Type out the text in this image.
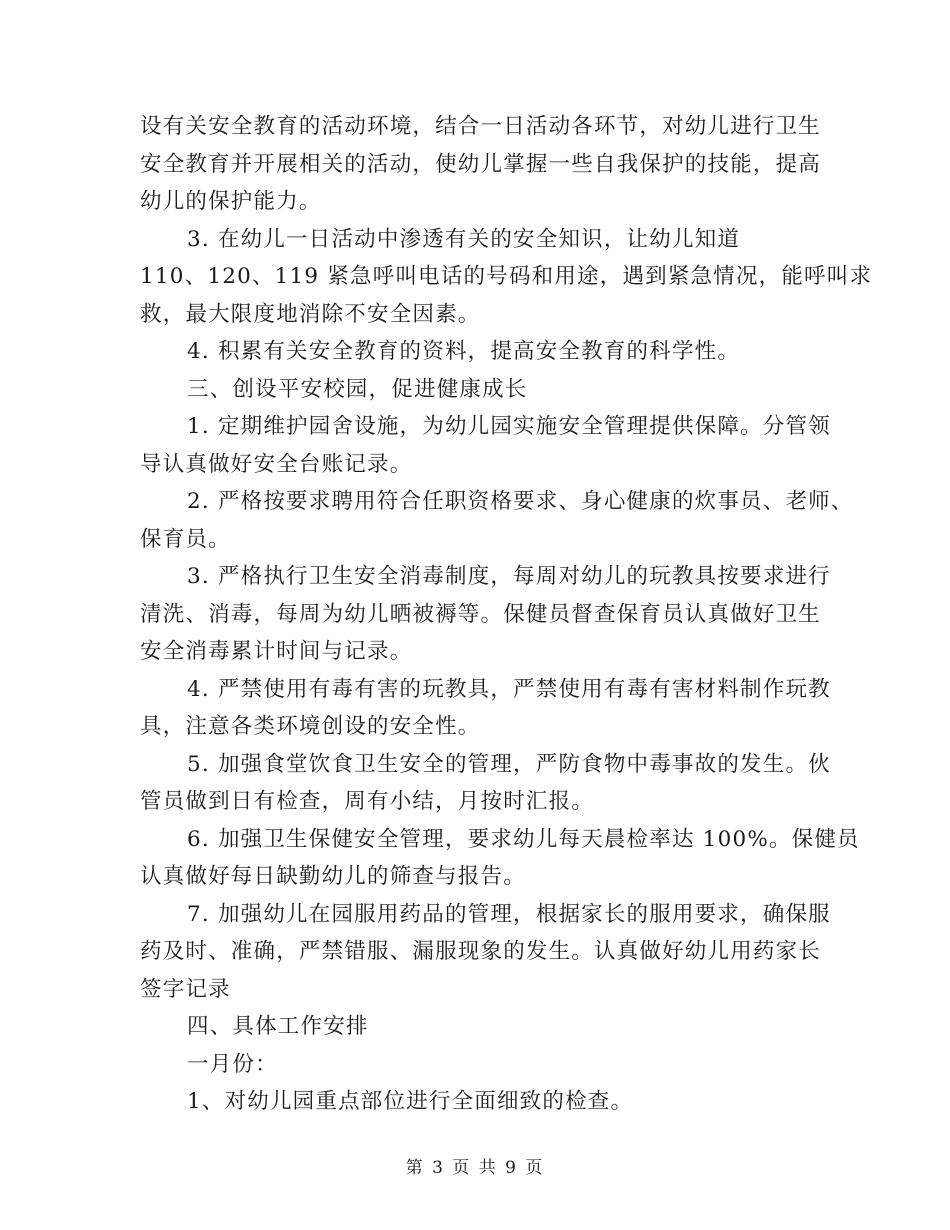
设有关安全教育的活动环境，结合一日活动各环节，对幼儿进行卫生
安全教育并开展相关的活动，使幼儿掌握一些自我保护的技能，提高
幼儿的保护能力。
3. 在幼儿一日活动中渗透有关的安全知识，让幼儿知道
110、120、119 紧急呼叫电话的号码和用途，遇到紧急情况，能呼叫求
救，最大限度地消除不安全因素。
4. 积累有关安全教育的资料，提高安全教育的科学性。
三、创设平安校园，促进健康成长
1. 定期维护园舍设施，为幼儿园实施安全管理提供保障。分管领
导认真做好安全台账记录。
2. 严格按要求聘用符合任职资格要求、身心健康的炊事员、老师、
保育员。
3. 严格执行卫生安全消毒制度，每周对幼儿的玩教具按要求进行
清洗、消毒，每周为幼儿晒被褥等。保健员督查保育员认真做好卫生
安全消毒累计时间与记录。
4. 严禁使用有毒有害的玩教具，严禁使用有毒有害材料制作玩教
具，注意各类环境创设的安全性。
5. 加强食堂饮食卫生安全的管理，严防食物中毒事故的发生。伙
管员做到日有检查，周有小结，月按时汇报。
6. 加强卫生保健安全管理，要求幼儿每天晨检率达 100%。保健员
认真做好每日缺勤幼儿的筛查与报告。
7. 加强幼儿在园服用药品的管理，根据家长的服用要求，确保服
药及时、准确，严禁错服、漏服现象的发生。认真做好幼儿用药家长
签字记录
四、具体工作安排
一月份：
1、对幼儿园重点部位进行全面细致的检查。
第 3 页 共 9 页
